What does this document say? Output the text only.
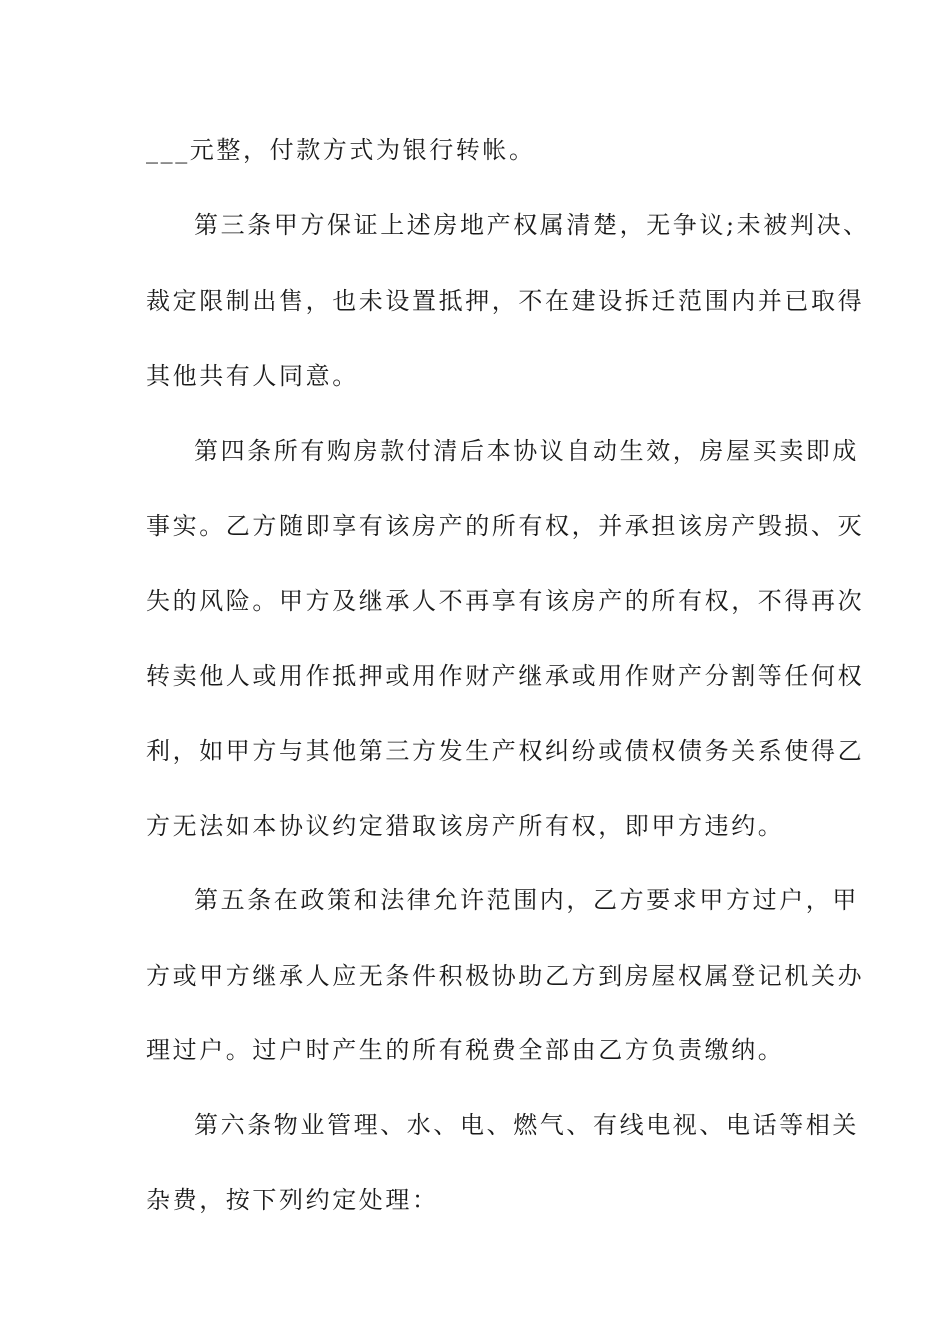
___元整，付款方式为银行转帐。
第三条甲方保证上述房地产权属清楚，无争议;未被判决、
裁定限制出售，也未设置抵押，不在建设拆迁范围内并已取得
其他共有人同意。
第四条所有购房款付清后本协议自动生效，房屋买卖即成
事实。乙方随即享有该房产的所有权，并承担该房产毁损、灭
失的风险。甲方及继承人不再享有该房产的所有权，不得再次
转卖他人或用作抵押或用作财产继承或用作财产分割等任何权
利，如甲方与其他第三方发生产权纠纷或债权债务关系使得乙
方无法如本协议约定猎取该房产所有权，即甲方违约。
第五条在政策和法律允许范围内，乙方要求甲方过户，甲
方或甲方继承人应无条件积极协助乙方到房屋权属登记机关办
理过户。过户时产生的所有税费全部由乙方负责缴纳。
第六条物业管理、水、电、燃气、有线电视、电话等相关
杂费，按下列约定处理：
